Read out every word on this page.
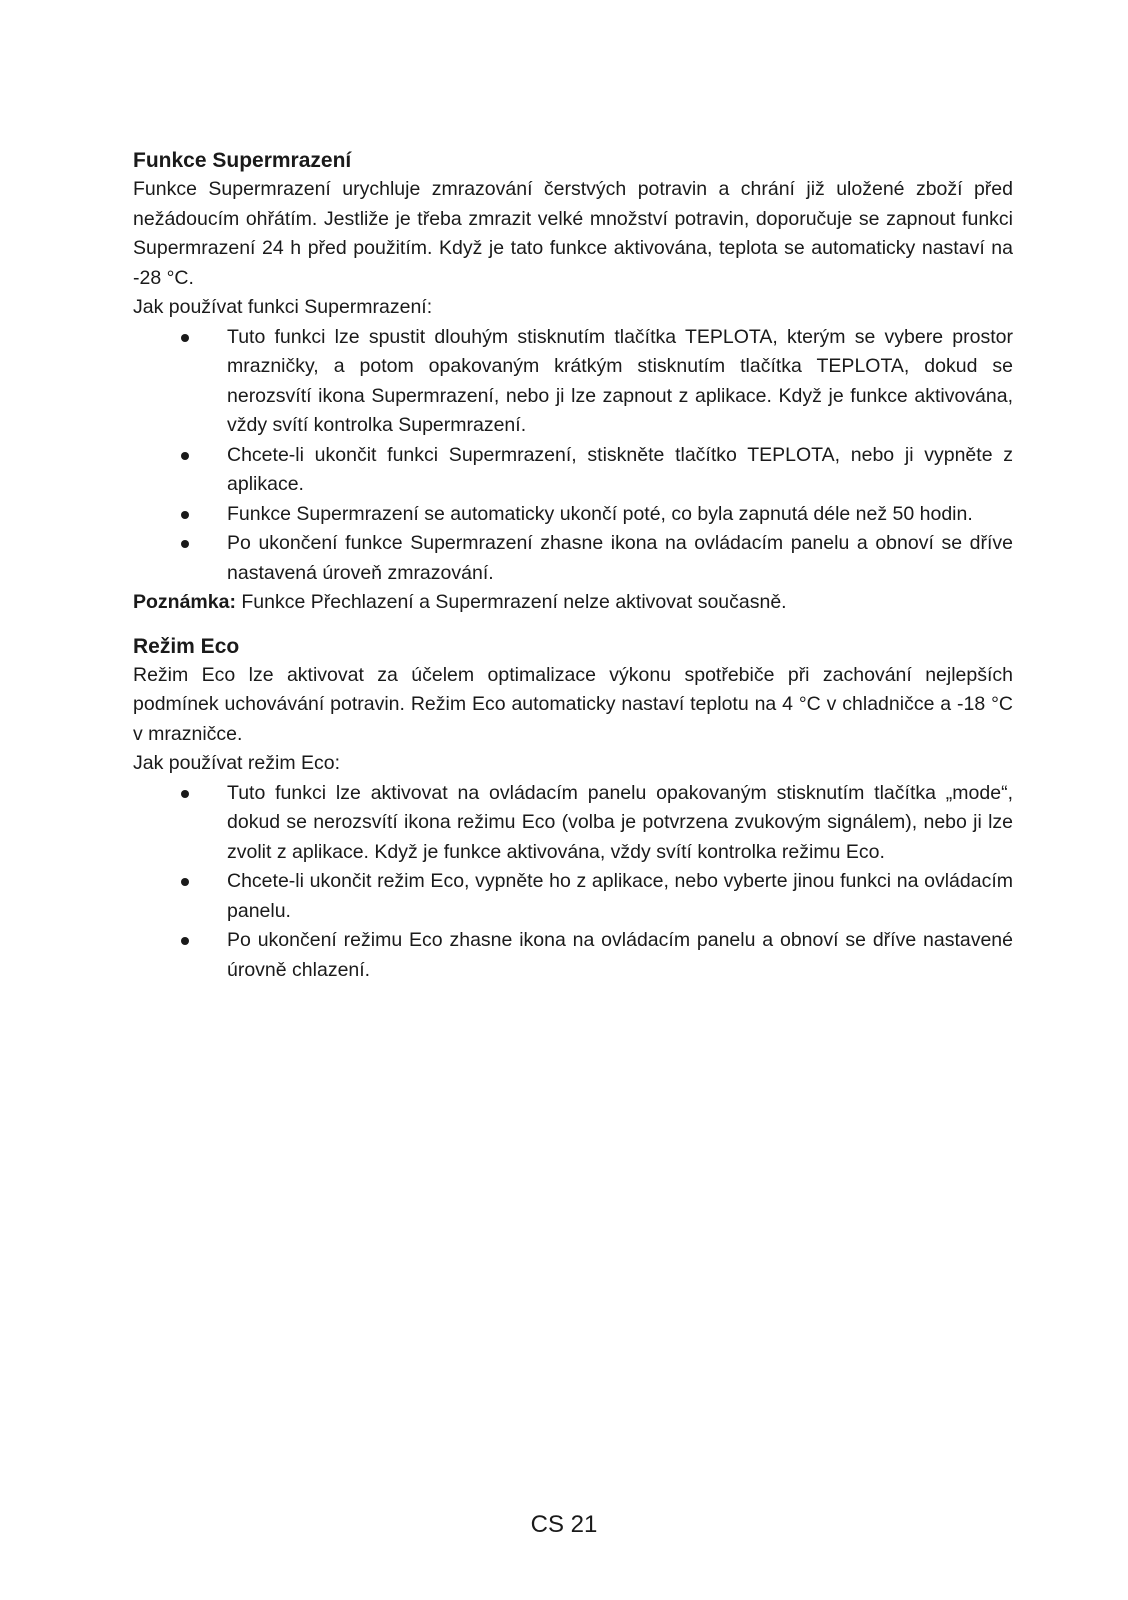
Funkce Supermrazení

Funkce Supermrazení urychluje zmrazování čerstvých potravin a chrání již uložené zboží před nežádoucím ohřátím. Jestliže je třeba zmrazit velké množství potravin, doporučuje se zapnout funkci Supermrazení 24 h před použitím. Když je tato funkce aktivována, teplota se automaticky nastaví na -28 °C.

Jak používat funkci Supermrazení:

Tuto funkci lze spustit dlouhým stisknutím tlačítka TEPLOTA, kterým se vybere prostor mrazničky, a potom opakovaným krátkým stisknutím tlačítka TEPLOTA, dokud se nerozsvítí ikona Supermrazení, nebo ji lze zapnout z aplikace. Když je funkce aktivována, vždy svítí kontrolka Supermrazení.
Chcete-li ukončit funkci Supermrazení, stiskněte tlačítko TEPLOTA, nebo ji vypněte z aplikace.
Funkce Supermrazení se automaticky ukončí poté, co byla zapnutá déle než 50 hodin.
Po ukončení funkce Supermrazení zhasne ikona na ovládacím panelu a obnoví se dříve nastavená úroveň zmrazování.

Poznámka: Funkce Přechlazení a Supermrazení nelze aktivovat současně.

Režim Eco

Režim Eco lze aktivovat za účelem optimalizace výkonu spotřebiče při zachování nejlepších podmínek uchovávání potravin. Režim Eco automaticky nastaví teplotu na 4 °C v chladničce a -18 °C v mrazničce.

Jak používat režim Eco:

Tuto funkci lze aktivovat na ovládacím panelu opakovaným stisknutím tlačítka „mode“, dokud se nerozsvítí ikona režimu Eco (volba je potvrzena zvukovým signálem), nebo ji lze zvolit z aplikace. Když je funkce aktivována, vždy svítí kontrolka režimu Eco.
Chcete-li ukončit režim Eco, vypněte ho z aplikace, nebo vyberte jinou funkci na ovládacím panelu.
Po ukončení režimu Eco zhasne ikona na ovládacím panelu a obnoví se dříve nastavené úrovně chlazení.
CS 21
